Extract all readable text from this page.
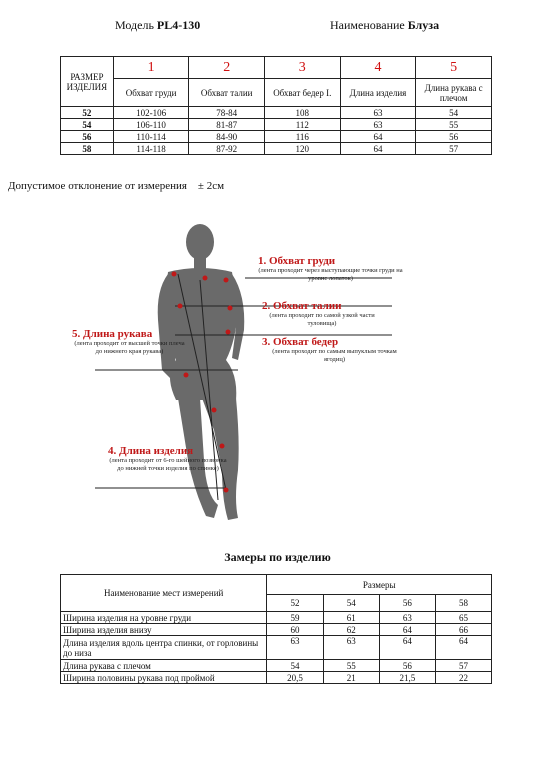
Модель PL4-130	Наименование Блуза
РАЗМЕР ИЗДЕЛИЯ	1	2	3	4	5
	Обхват груди	Обхват талии	Обхват бедер I.	Длина изделия	Длина рукава с плечом
52	102-106	78-84	108	63	54
54	106-110	81-87	112	63	55
56	110-114	84-90	116	64	56
58	114-118	87-92	120	64	57
Допустимое отклонение от измерения    ± 2см
1. Обхват груди
(лента проходит через выступающие точки груди на уровне лопаток)
2. Обхват талии
(лента проходит по самой узкой части туловища)
3. Обхват бедер
(лента проходит по самым выпуклым точкам ягодиц)
5. Длина рукава
(лента проходит от высшей точки плеча до нижнего края рукава)
4. Длина изделия
(лента проходит от 6-го шейного позвонка до нижней точки изделия по спинке)
Замеры по изделию
Наименование мест измерений	Размеры			
	52	54	56	58
Ширина изделия на уровне груди	59	61	63	65
Ширина изделия внизу	60	62	64	66
Длина изделия вдоль центра спинки, от горловины до низа	63	63	64	64
Длина рукава с плечом	54	55	56	57
Ширина половины рукава под проймой	20,5	21	21,5	22
